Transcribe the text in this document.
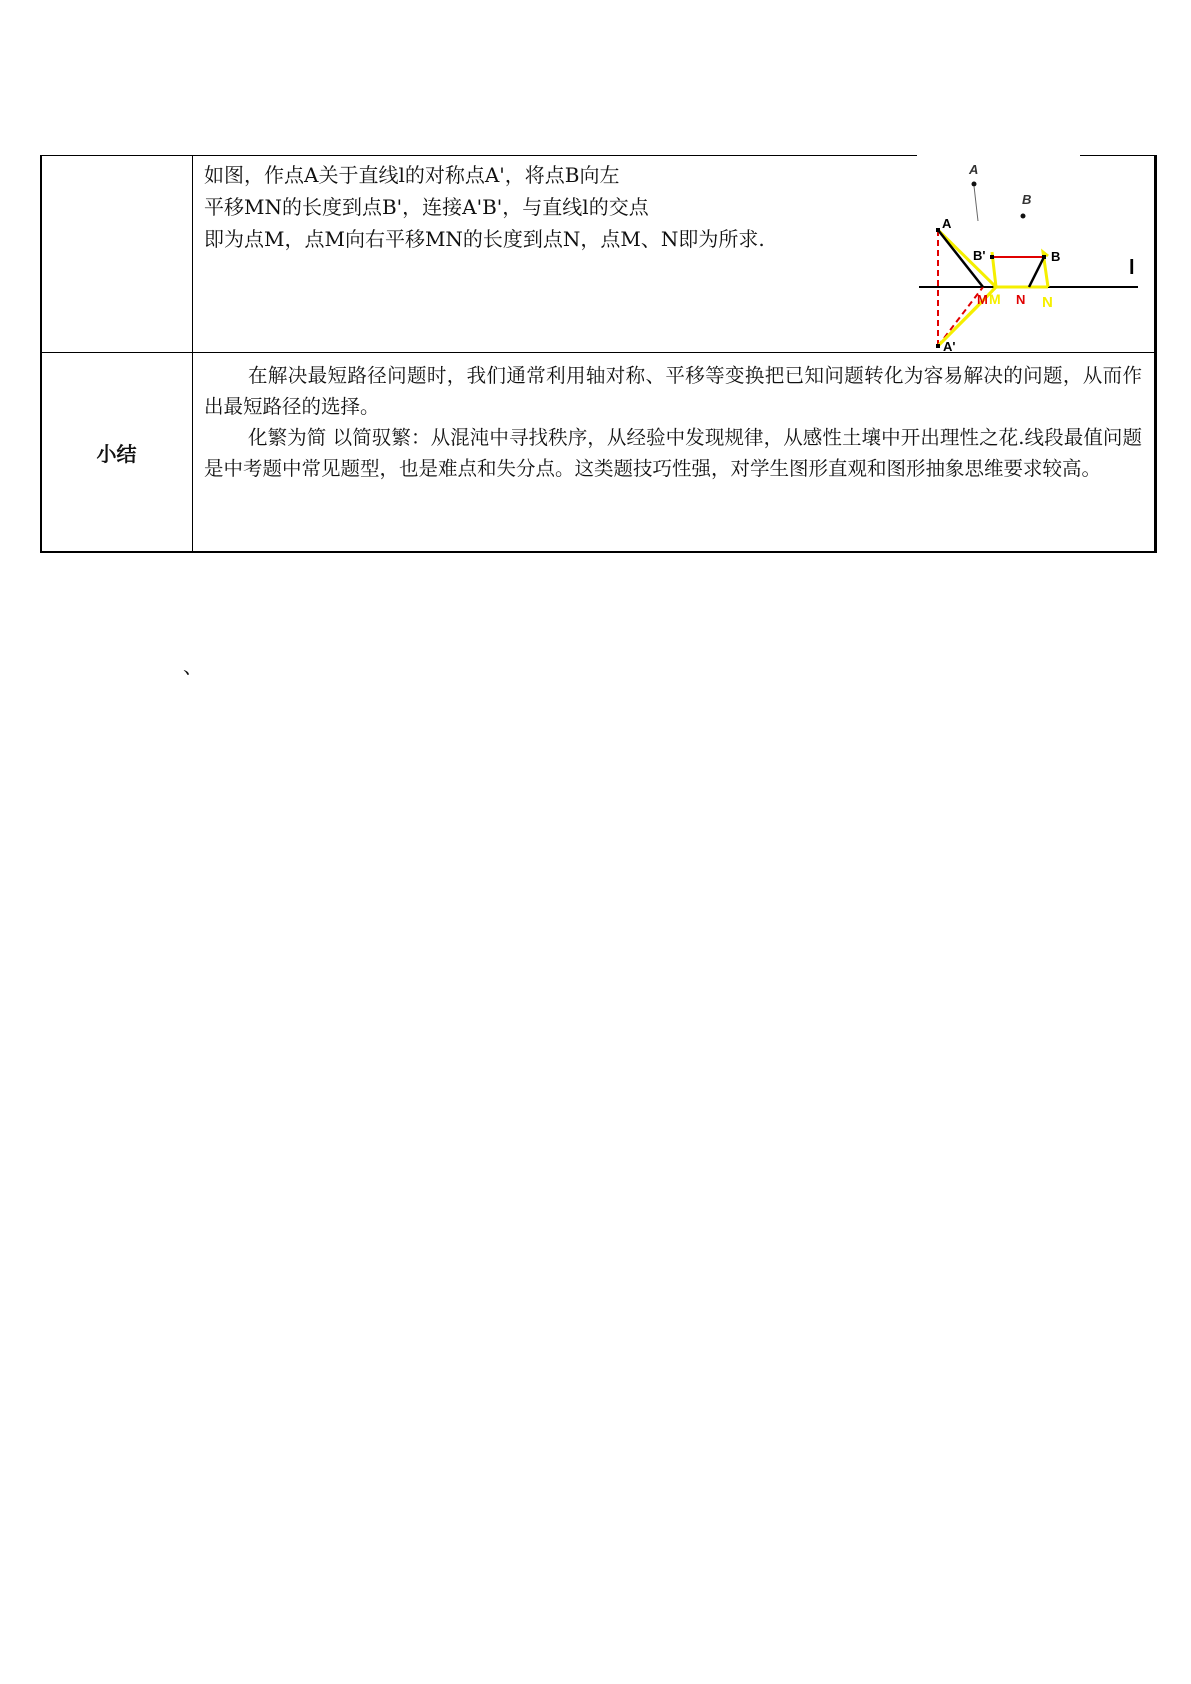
如图，作点A关于直线l的对称点A'，将点B向左
平移MN的长度到点B'，连接A'B'，与直线l的交点
即为点M，点M向右平移MN的长度到点N，点M、N即为所求.
A
B
l
A
B'	B
M M N N
A'
小结

在解决最短路径问题时，我们通常利用轴对称、平移等变换把已知问题转化为容易解决的问题，从而作出最短路径的选择。

化繁为简 以简驭繁：从混沌中寻找秩序，从经验中发现规律，从感性土壤中开出理性之花.线段最值问题是中考题中常见题型，也是难点和失分点。这类题技巧性强，对学生图形直观和图形抽象思维要求较高。

、
